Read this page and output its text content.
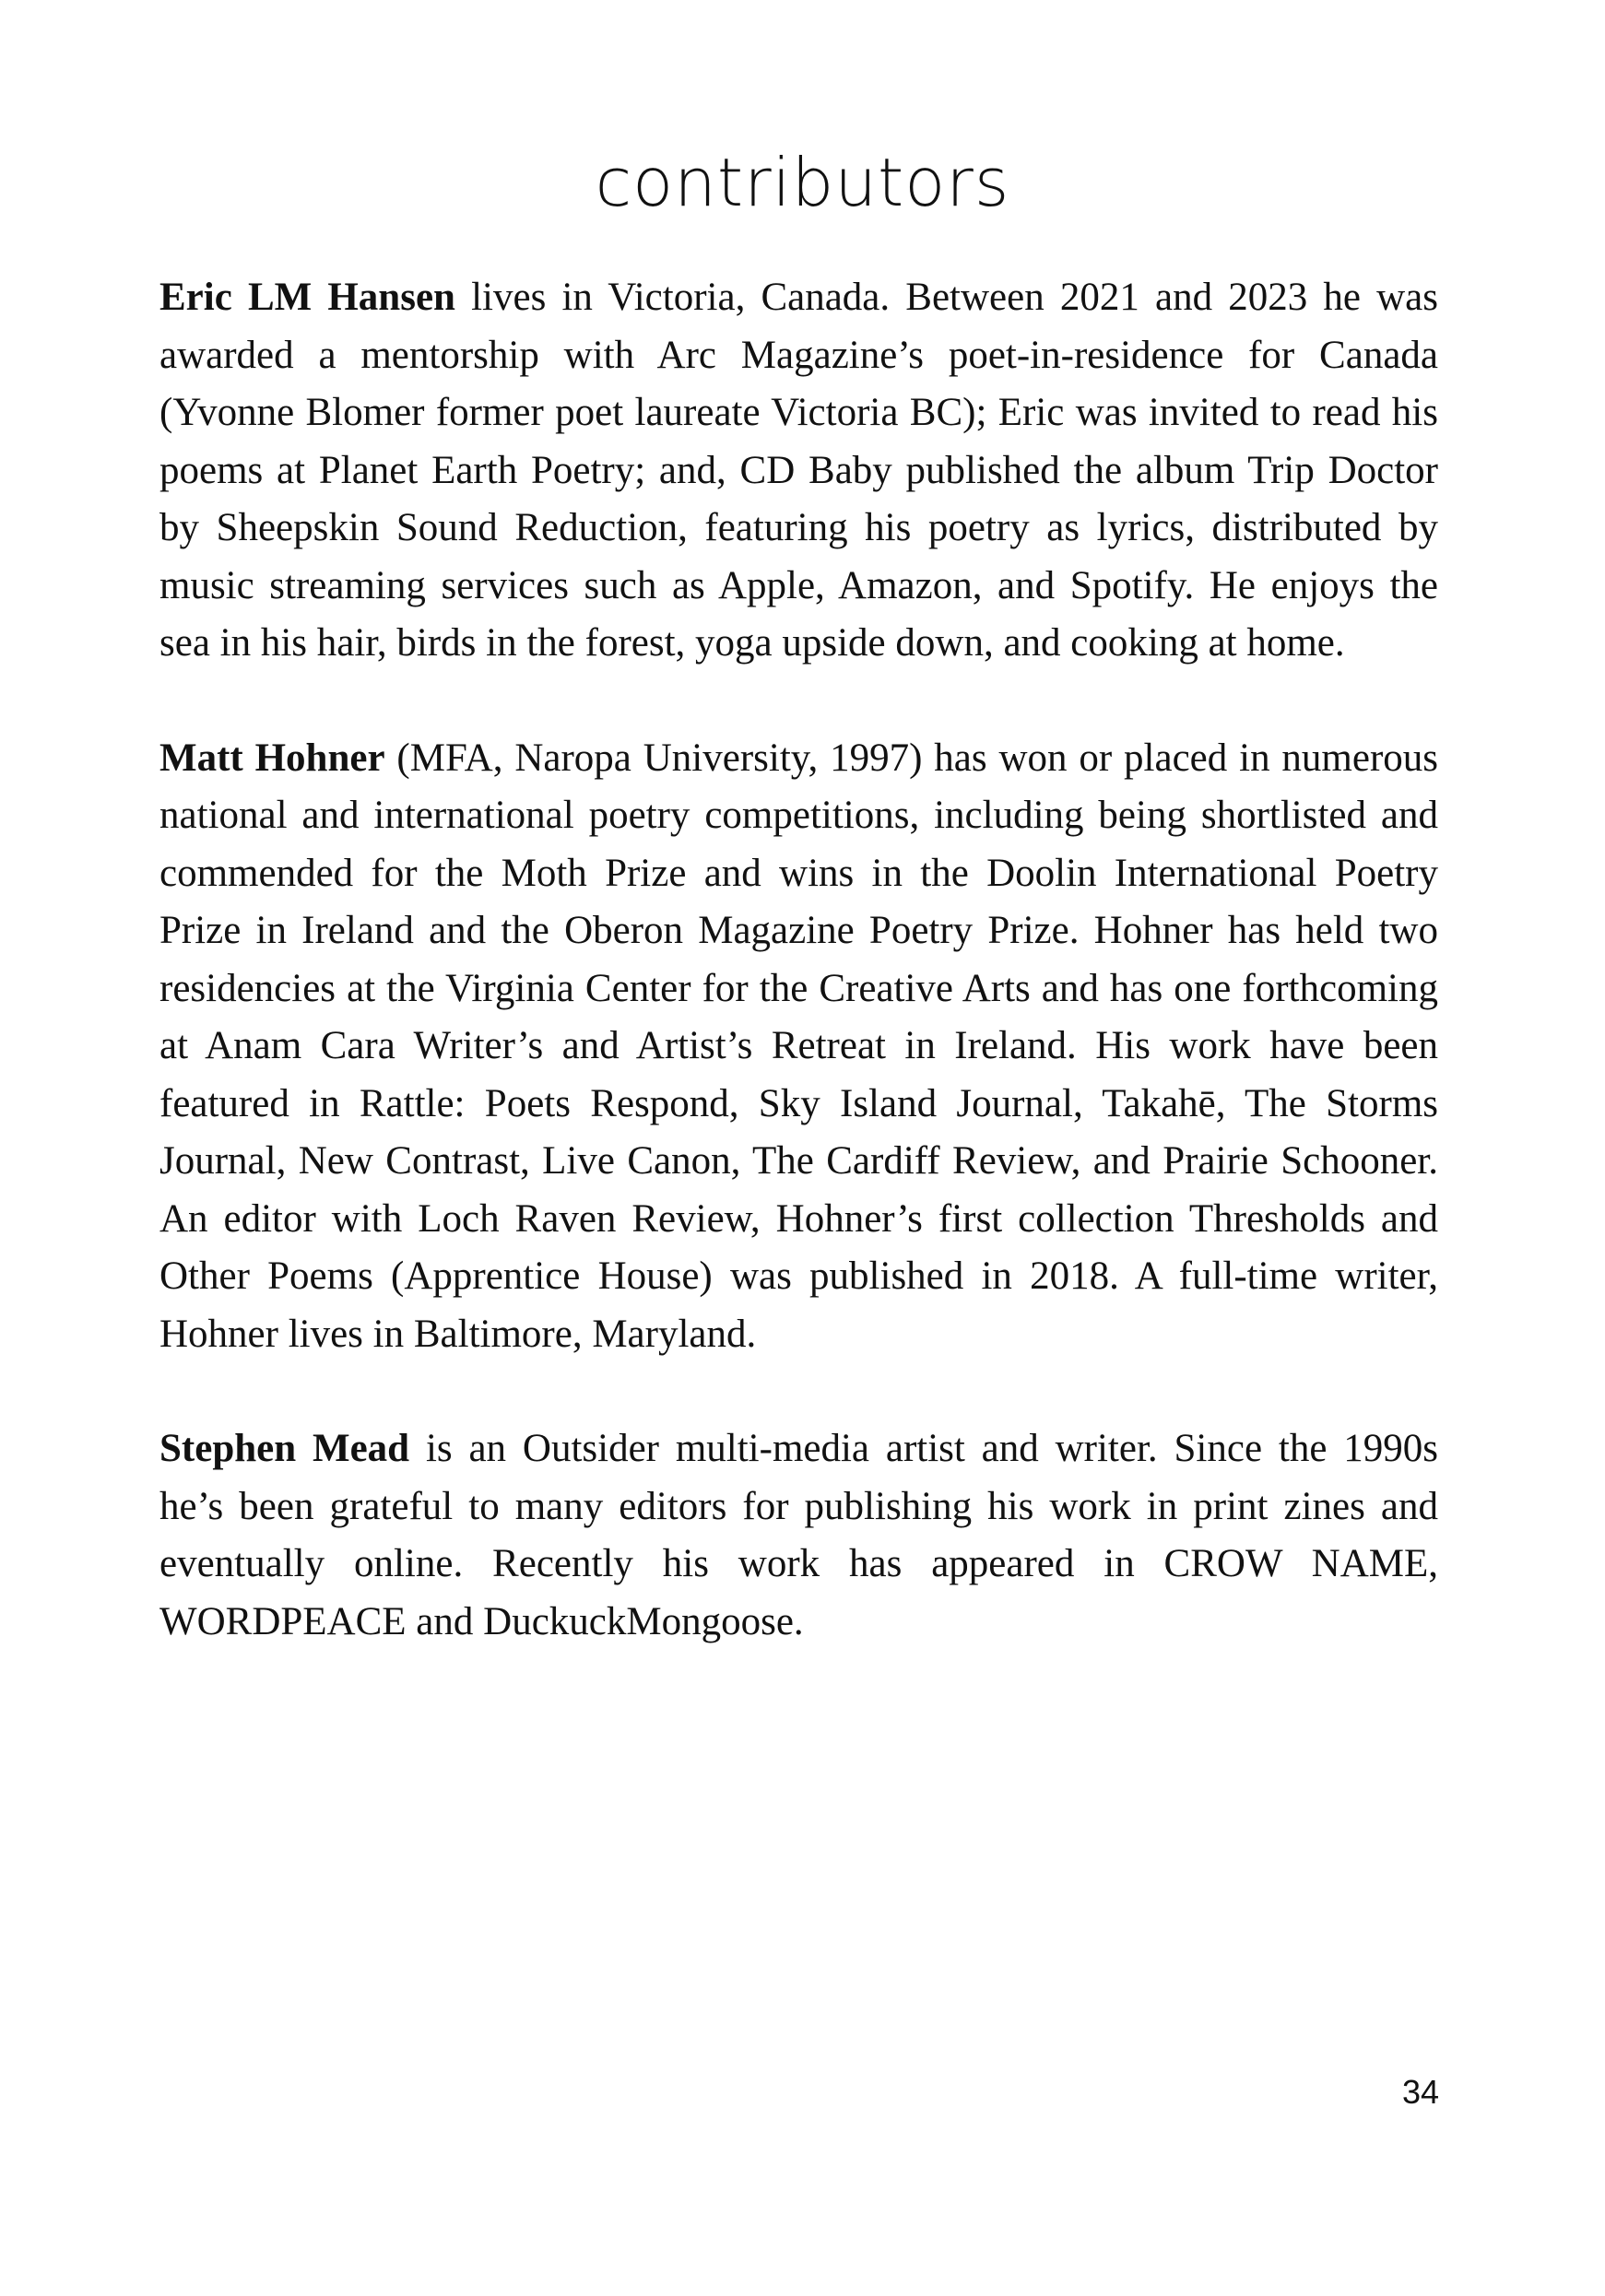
contributors

Eric LM Hansen lives in Victoria, Canada. Between 2021 and 2023 he was awarded a mentorship with Arc Magazine’s poet-in-residence for Canada (Yvonne Blomer former poet laureate Victoria BC); Eric was invited to read his poems at Planet Earth Poetry; and, CD Baby published the album Trip Doctor by Sheepskin Sound Reduction, featuring his poetry as lyrics, distributed by music streaming services such as Apple, Amazon, and Spotify. He enjoys the sea in his hair, birds in the forest, yoga upside down, and cooking at home.

Matt Hohner (MFA, Naropa University, 1997) has won or placed in numerous national and international poetry competitions, including being shortlisted and commended for the Moth Prize and wins in the Doolin International Poetry Prize in Ireland and the Oberon Magazine Poetry Prize. Hohner has held two residencies at the Virginia Center for the Creative Arts and has one forthcoming at Anam Cara Writer’s and Artist’s Retreat in Ireland. His work have been featured in Rattle: Poets Respond, Sky Island Journal, Takahē, The Storms Journal, New Contrast, Live Canon, The Cardiff Review, and Prairie Schooner. An editor with Loch Raven Review, Hohner’s first collection Thresholds and Other Poems (Apprentice House) was published in 2018. A full-time writer, Hohner lives in Baltimore, Maryland.

Stephen Mead is an Outsider multi-media artist and writer. Since the 1990s he’s been grateful to many editors for publishing his work in print zines and eventually online. Recently his work has appeared in CROW NAME, WORDPEACE and DuckuckMongoose.

34
